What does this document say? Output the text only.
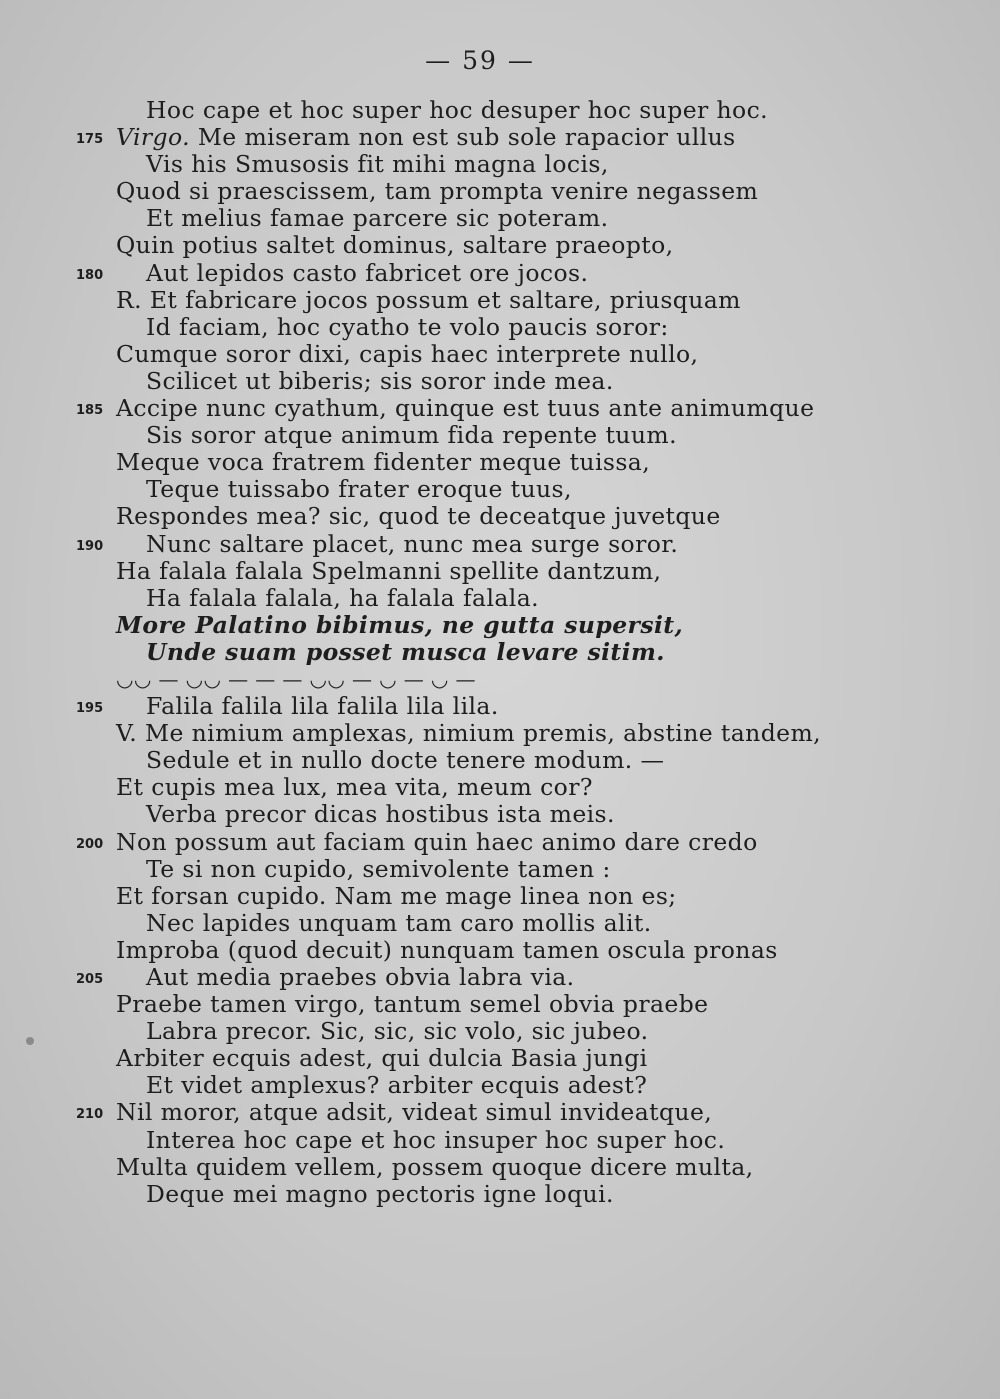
— 59 —
Hoc cape et hoc super hoc desuper hoc super hoc.
175 Virgo. Me miseram non est sub sole rapacior ullus
Vis his Smusosis fit mihi magna locis,
Quod si praescissem, tam prompta venire negassem
Et melius famae parcere sic poteram.
Quin potius saltet dominus, saltare praeopto,
180 Aut lepidos casto fabricet ore jocos.
R. Et fabricare jocos possum et saltare, priusquam
Id faciam, hoc cyatho te volo paucis soror:
Cumque soror dixi, capis haec interprete nullo,
Scilicet ut biberis; sis soror inde mea.
185 Accipe nunc cyathum, quinque est tuus ante animumque
Sis soror atque animum fida repente tuum.
Meque voca fratrem fidenter meque tuissa,
Teque tuissabo frater eroque tuus,
Respondes mea? sic, quod te deceatque juvetque
190 Nunc saltare placet, nunc mea surge soror.
Ha falala falala Spelmanni spellite dantzum,
Ha falala falala, ha falala falala.
More Palatino bibimus, ne gutta supersit,
Unde suam posset musca levare sitim.
◡◡ — ◡◡ — — — ◡◡ — ◡ — ◡ —
195 Falila falila lila falila lila lila.
V. Me nimium amplexas, nimium premis, abstine tandem,
Sedule et in nullo docte tenere modum. —
Et cupis mea lux, mea vita, meum cor?
Verba precor dicas hostibus ista meis.
200 Non possum aut faciam quin haec animo dare credo
Te si non cupido, semivolente tamen :
Et forsan cupido. Nam me mage linea non es;
Nec lapides unquam tam caro mollis alit.
Improba (quod decuit) nunquam tamen oscula pronas
205 Aut media praebes obvia labra via.
Praebe tamen virgo, tantum semel obvia praebe
Labra precor. Sic, sic, sic volo, sic jubeo.
Arbiter ecquis adest, qui dulcia Basia jungi
Et videt amplexus? arbiter ecquis adest?
210 Nil moror, atque adsit, videat simul invideatque,
Interea hoc cape et hoc insuper hoc super hoc.
Multa quidem vellem, possem quoque dicere multa,
Deque mei magno pectoris igne loqui.
